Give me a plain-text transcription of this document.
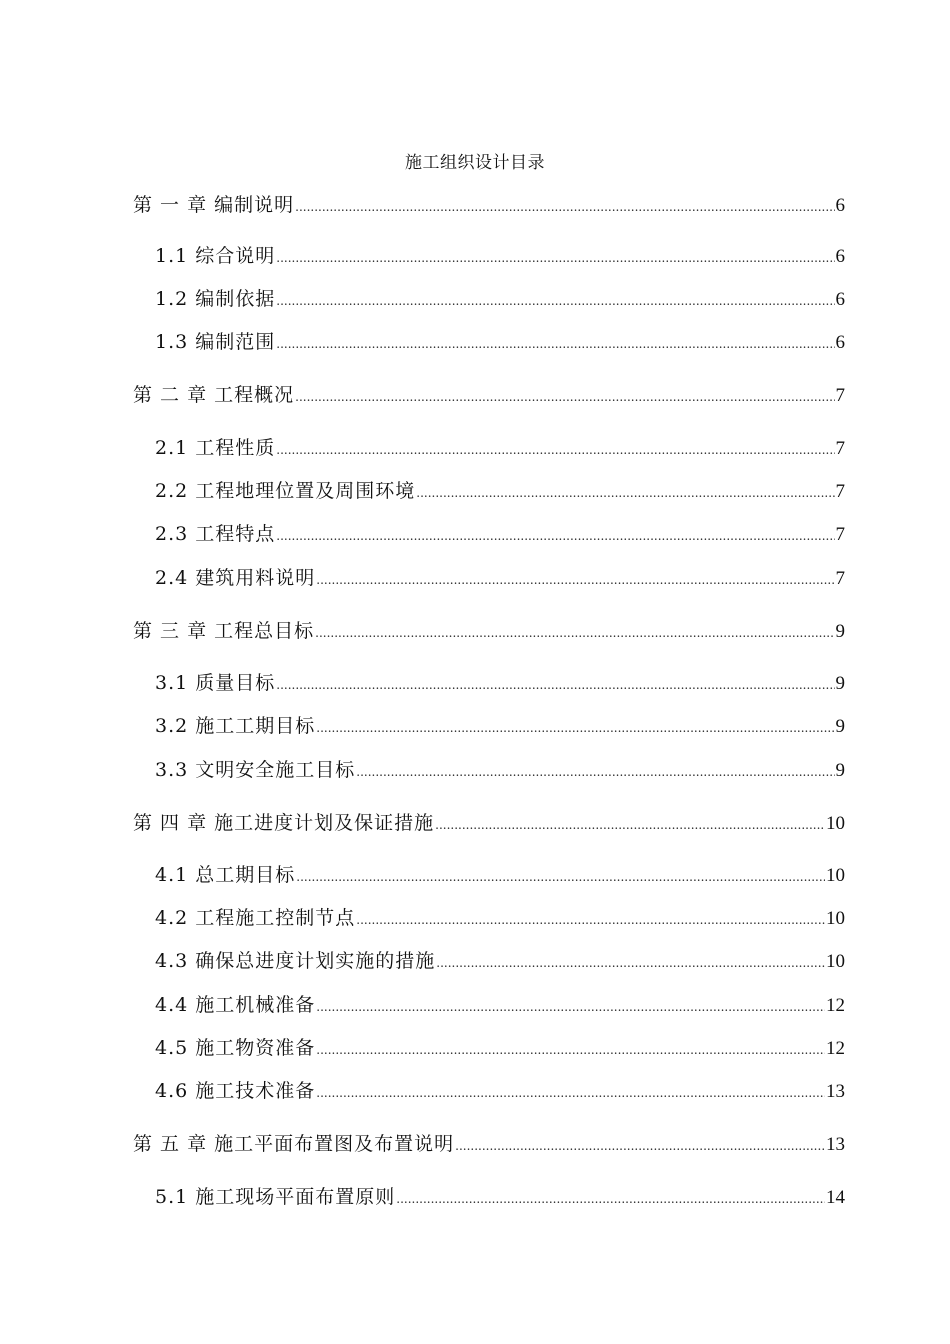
施工组织设计目录
第 一 章 编制说明 .....	6
1.1 综合说明 .....	6
1.2 编制依据 .....	6
1.3 编制范围 .....	6
第 二 章 工程概况 .....	7
2.1 工程性质 .....	7
2.2 工程地理位置及周围环境 .....	7
2.3 工程特点 .....	7
2.4 建筑用料说明 .....	7
第 三 章 工程总目标 .....	9
3.1 质量目标 .....	9
3.2 施工工期目标 .....	9
3.3 文明安全施工目标 .....	9
第 四 章 施工进度计划及保证措施 .....	10
4.1 总工期目标 .....	10
4.2 工程施工控制节点 .....	10
4.3 确保总进度计划实施的措施 .....	10
4.4 施工机械准备 .....	12
4.5 施工物资准备 .....	12
4.6 施工技术准备 .....	13
第 五 章 施工平面布置图及布置说明 .....	13
5.1 施工现场平面布置原则 .....	14
